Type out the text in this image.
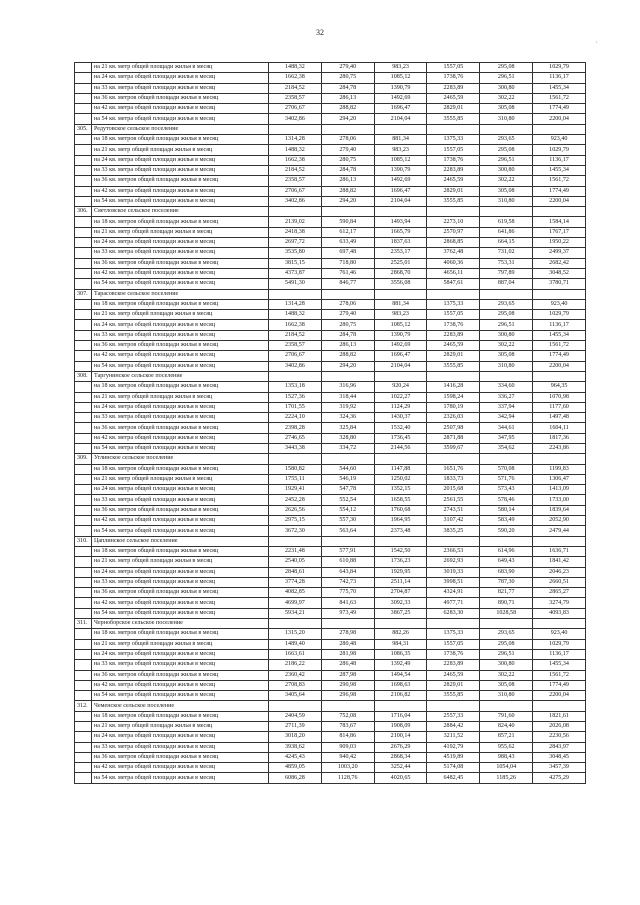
32
,
	на 21 кв. метр общей площади жилья в месяц	1488,32	279,40	983,23	1557,05	295,08	1029,79
	на 24 кв. метра общей площади жилья в месяц	1662,38	280,75	1085,12	1738,76	296,51	1136,17
	на 33 кв. метра общей площади жилья в месяц	2184,52	284,78	1390,79	2283,89	300,80	1455,34
	на 36 кв. метров общей площади жилья в месяц	2358,57	286,13	1492,69	2465,59	302,22	1561,72
	на 42 кв. метра общей площади жилья в месяц	2706,67	288,82	1696,47	2829,01	305,08	1774,49
	на 54 кв. метра общей площади жилья в месяц	3402,86	294,20	2104,04	3555,85	310,80	2200,04
305.	Редутовское сельское поселение						
	на 18 кв. метров общей площади жилья в месяц	1314,28	278,06	881,34	1375,33	293,65	923,40
	на 21 кв. метр общей площади жилья в месяц	1488,32	279,40	983,23	1557,05	295,08	1029,79
	на 24 кв. метра общей площади жилья в месяц	1662,38	280,75	1085,12	1738,76	296,51	1136,17
	на 33 кв. метра общей площади жилья в месяц	2184,52	284,78	1390,79	2283,89	300,80	1455,34
	на 36 кв. метров общей площади жилья в месяц	2358,57	286,13	1492,69	2465,59	302,22	1561,72
	на 42 кв. метра общей площади жилья в месяц	2706,67	288,82	1696,47	2829,01	305,08	1774,49
	на 54 кв. метра общей площади жилья в месяц	3402,86	294,20	2104,04	3555,85	310,80	2200,04
306.	Светловское сельское поселение						
	на 18 кв. метров общей площади жилья в месяц	2139,02	590,84	1493,94	2273,10	619,58	1584,14
	на 21 кв. метр общей площади жилья в месяц	2418,38	612,17	1665,79	2570,97	641,86	1767,17
	на 24 кв. метра общей площади жилья в месяц	2697,72	633,49	1837,63	2868,85	664,15	1950,22
	на 33 кв. метра общей площади жилья в месяц	3535,80	697,48	2353,17	3762,48	731,02	2499,37
	на 36 кв. метров общей площади жилья в месяц	3815,15	718,80	2525,01	4060,36	753,31	2682,42
	на 42 кв. метра общей площади жилья в месяц	4373,87	761,46	2868,70	4656,11	797,89	3048,52
	на 54 кв. метра общей площади жилья в месяц	5491,30	846,77	3556,08	5847,61	887,04	3780,71
307.	Тарасовское сельское поселение						
	на 18 кв. метров общей площади жилья в месяц	1314,28	278,06	881,34	1375,33	293,65	923,40
	на 21 кв. метр общей площади жилья в месяц	1488,32	279,40	983,23	1557,05	295,08	1029,79
	на 24 кв. метра общей площади жилья в месяц	1662,38	280,75	1085,12	1738,76	296,51	1136,17
	на 33 кв. метра общей площади жилья в месяц	2184,52	284,78	1390,79	2283,89	300,80	1455,34
	на 36 кв. метров общей площади жилья в месяц	2358,57	286,13	1492,69	2465,59	302,22	1561,72
	на 42 кв. метра общей площади жилья в месяц	2706,67	288,82	1696,47	2829,01	305,08	1774,49
	на 54 кв. метра общей площади жилья в месяц	3402,86	294,20	2104,04	3555,85	310,80	2200,04
308.	Таргунинское сельское поселение						
	на 18 кв. метров общей площади жилья в месяц	1353,18	316,96	920,24	1416,28	334,60	964,35
	на 21 кв. метр общей площади жилья в месяц	1527,36	318,44	1022,27	1598,24	336,27	1070,98
	на 24 кв. метра общей площади жилья в месяц	1701,55	319,92	1124,29	1780,19	337,94	1177,60
	на 33 кв. метра общей площади жилья в месяц	2224,10	324,36	1430,37	2326,03	342,94	1497,48
	на 36 кв. метров общей площади жилья в месяц	2398,28	325,84	1532,40	2507,98	344,61	1604,11
	на 42 кв. метра общей площади жилья в месяц	2746,65	328,80	1736,45	2871,88	347,95	1817,36
	на 54 кв. метра общей площади жилья в месяц	3443,38	334,72	2144,56	3599,67	354,62	2243,86
309.	Углинское сельское поселение						
	на 18 кв. метров общей площади жилья в месяц	1580,82	544,60	1147,88	1651,76	570,08	1199,83
	на 21 кв. метр общей площади жилья в месяц	1755,11	546,19	1250,02	1833,73	571,76	1306,47
	на 24 кв. метра общей площади жилья в месяц	1929,41	547,78	1352,15	2015,68	573,43	1413,09
	на 33 кв. метра общей площади жилья в месяц	2452,28	552,54	1658,55	2561,55	578,46	1733,00
	на 36 кв. метров общей площади жилья в месяц	2626,56	554,12	1760,68	2743,51	580,14	1839,64
	на 42 кв. метра общей площади жилья в месяц	2975,15	557,30	1964,95	3107,42	583,49	2052,90
	на 54 кв. метра общей площади жилья в месяц	3672,30	563,64	2373,48	3835,25	590,20	2479,44
310.	Цаплинское сельское поселение						
	на 18 кв. метров общей площади жилья в месяц	2231,48	577,91	1542,50	2366,53	614,96	1636,71
	на 21 кв. метр общей площади жилья в месяц	2540,05	610,88	1736,23	2692,93	649,43	1841,42
	на 24 кв. метра общей площади жилья в месяц	2848,61	643,84	1929,95	3019,33	683,90	2046,23
	на 33 кв. метра общей площади жилья в месяц	3774,28	742,73	2511,14	3998,51	787,30	2660,51
	на 36 кв. метров общей площади жилья в месяц	4082,85	775,70	2704,87	4324,91	821,77	2865,27
	на 42 кв. метра общей площади жилья в месяц	4699,97	841,63	3092,33	4977,71	890,71	3274,79
	на 54 кв. метра общей площади жилья в месяц	5934,21	973,49	3867,25	6283,30	1028,58	4093,83
311.	Черноборское сельское поселение						
	на 18 кв. метров общей площади жилья в месяц	1315,20	278,98	882,26	1375,33	293,65	923,40
	на 21 кв. метр общей площади жилья в месяц	1489,40	280,48	984,31	1557,05	295,08	1029,79
	на 24 кв. метра общей площади жилья в месяц	1663,61	281,98	1086,35	1738,76	296,51	1136,17
	на 33 кв. метра общей площади жилья в месяц	2186,22	286,48	1392,49	2283,89	300,80	1455,34
	на 36 кв. метров общей площади жилья в месяц	2360,42	287,98	1494,54	2465,59	302,22	1561,72
	на 42 кв. метра общей площади жилья в месяц	2708,83	290,98	1698,63	2829,01	305,08	1774,49
	на 54 кв. метра общей площади жилья в месяц	3405,64	296,98	2106,82	3555,85	310,80	2200,04
312.	Чеменское сельское поселение						
	на 18 кв. метров общей площади жилья в месяц	2404,59	752,08	1716,04	2557,33	791,60	1821,61
	на 21 кв. метр общей площади жилья в месяц	2711,39	783,67	1908,09	2884,42	824,40	2026,08
	на 24 кв. метра общей площади жилья в месяц	3018,20	814,86	2100,14	3211,52	857,21	2230,56
	на 33 кв. метра общей площади жилья в месяц	3938,62	909,03	2676,29	4192,79	955,62	2843,97
	на 36 кв. метров общей площади жилья в месяц	4245,43	940,42	2868,34	4519,89	988,43	3048,45
	на 42 кв. метра общей площади жилья в месяц	4859,05	1003,20	3252,44	5174,08	1054,04	3457,39
	на 54 кв. метра общей площади жилья в месяц	6086,28	1128,76	4020,65	6482,45	1185,26	4275,29
